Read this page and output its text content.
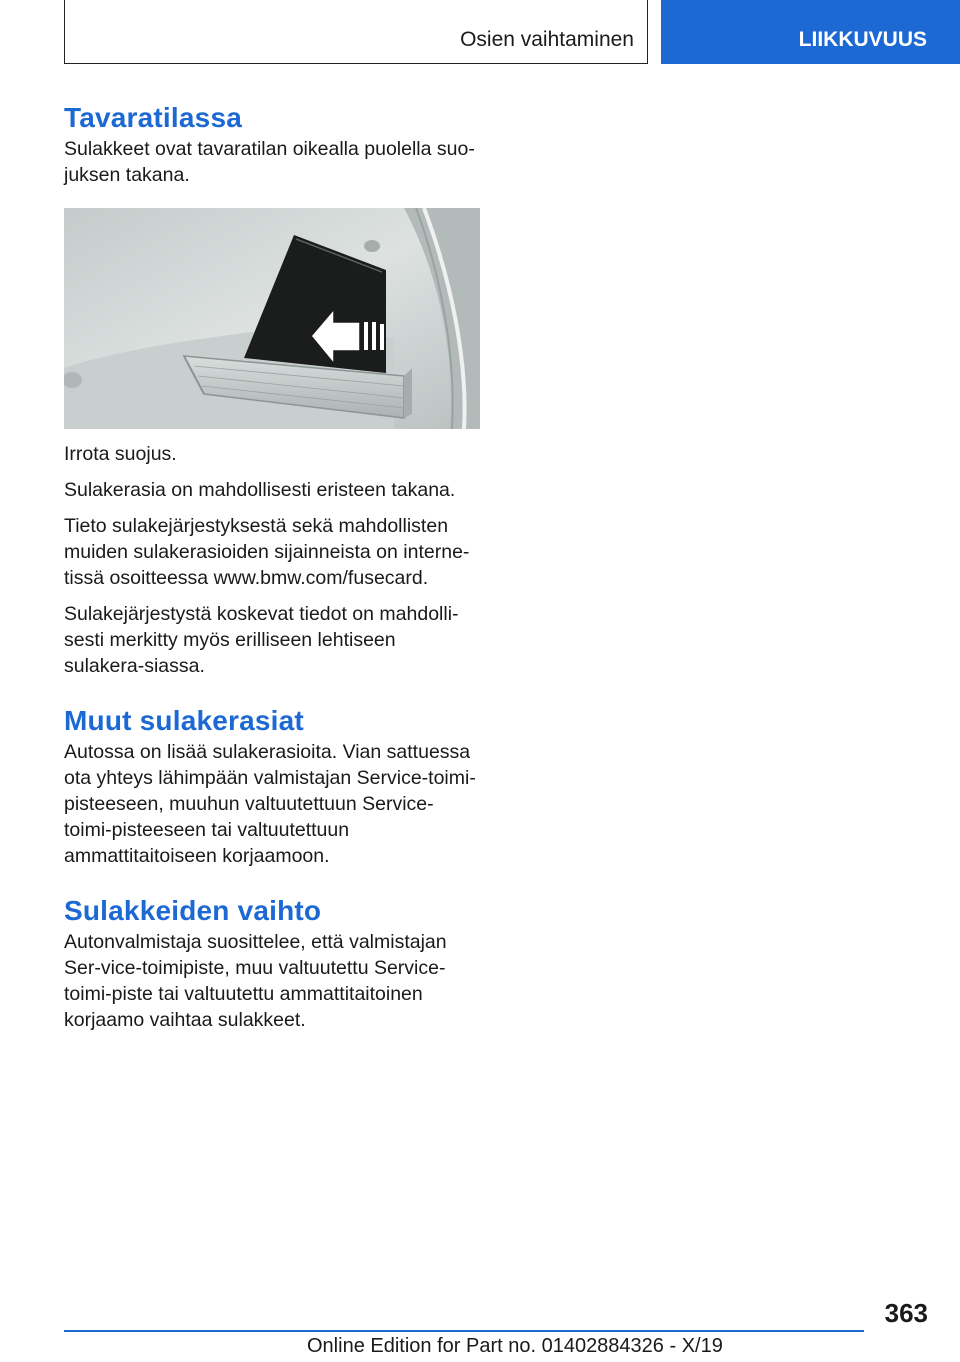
Osien vaihtaminen	LIIKKUVUUS
Tavaratilassa

Sulakkeet ovat tavaratilan oikealla puolella suo-juksen takana.

Irrota suojus.

Sulakerasia on mahdollisesti eristeen takana.

Tieto sulakejärjestyksestä sekä mahdollisten muiden sulakerasioiden sijainneista on interne-tissä osoitteessa www.bmw.com/fusecard.

Sulakejärjestystä koskevat tiedot on mahdolli-sesti merkitty myös erilliseen lehtiseen sulakera-siassa.

Muut sulakerasiat

Autossa on lisää sulakerasioita. Vian sattuessa ota yhteys lähimpään valmistajan Service-toimi-pisteeseen, muuhun valtuutettuun Service-toimi-pisteeseen tai valtuutettuun ammattitaitoiseen korjaamoon.

Sulakkeiden vaihto

Autonvalmistaja suosittelee, että valmistajan Ser-vice-toimipiste, muu valtuutettu Service-toimi-piste tai valtuutettu ammattitaitoinen korjaamo vaihtaa sulakkeet.

363
Online Edition for Part no. 01402884326 - X/19
